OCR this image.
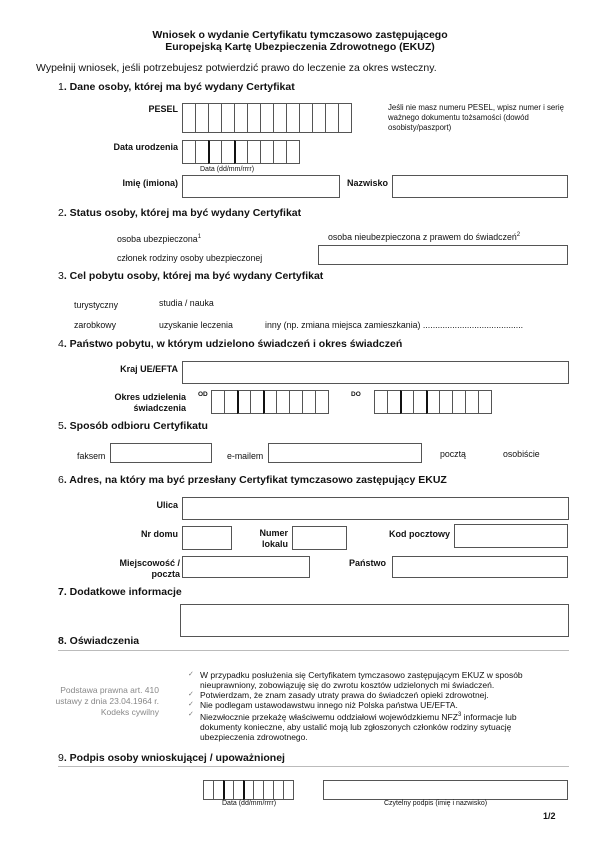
Wniosek o wydanie Certyfikatu tymczasowo zastępującego
Europejską Kartę Ubezpieczenia Zdrowotnego (EKUZ)
Wypełnij wniosek, jeśli potrzebujesz potwierdzić prawo do leczenie za okres wsteczny.
1. Dane osoby, której ma być wydany Certyfikat
PESEL	Jeśli nie masz numeru PESEL, wpisz numer i serię ważnego dokumentu tożsamości (dowód osobisty/paszport)
Data urodzenia
Data (dd/mm/rrrr)
Imię (imiona)	Nazwisko
2. Status osoby, której ma być wydany Certyfikat
osoba ubezpieczona$^1$	osoba nieubezpieczona z prawem do świadczeń$^2$
członek rodziny osoby ubezpieczonej
3. Cel pobytu osoby, której ma być wydany Certyfikat
turystyczny	studia / nauka
zarobkowy	uzyskanie leczenia	inny (np. zmiana miejsca zamieszkania) .........................................
4. Państwo pobytu, w którym udzielono świadczeń i okres świadczeń
Kraj UE/EFTA
Okres udzielenia
świadczenia
OD	DO
5. Sposób odbioru Certyfikatu
faksem	e-mailem	pocztą	osobiście
6. Adres, na który ma być przesłany Certyfikat tymczasowo zastępujący EKUZ
Ulica
Nr domu	Numer
lokalu
Kod pocztowy
Miejscowość /
poczta
Państwo
7. Dodatkowe informacje
8. Oświadczenia
Podstawa prawna art. 410
ustawy z dnia 23.04.1964 r.
Kodeks cywilny
✓ W przypadku posłużenia się Certyfikatem tymczasowo zastępującym EKUZ w sposób nieuprawniony, zobowiązuję się do zwrotu kosztów udzielonych mi świadczeń.
✓ Potwierdzam, że znam zasady utraty prawa do świadczeń opieki zdrowotnej.
✓ Nie podlegam ustawodawstwu innego niż Polska państwa UE/EFTA.
✓ Niezwłocznie przekażę właściwemu oddziałowi wojewódzkiemu NFZ$^3$ informacje lub dokumenty konieczne, aby ustalić moją lub zgłoszonych członków rodziny sytuację ubezpieczenia zdrowotnego.
9. Podpis osoby wnioskującej / upoważnionej
Data (dd/mm/rrrr)	Czytelny podpis (imię i nazwisko)
1/2
